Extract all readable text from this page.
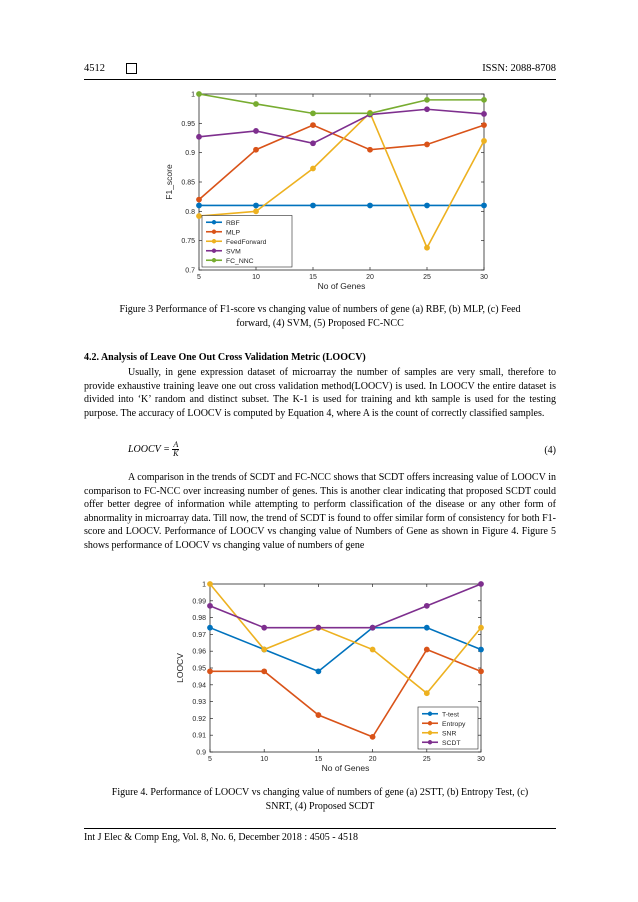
4512	ISSN: 2088-8708
0.7
0.75
0.8
0.85
0.9
0.95
1
5	10	15	20	25	30
No of Genes
F1_score
RBF
MLP
FeedForward
SVM
FC_NNC
Figure 3 Performance of F1-score vs changing value of numbers of gene (a) RBF, (b) MLP, (c) Feed
forward, (4) SVM, (5) Proposed FC-NCC
4.2. Analysis of Leave One Out Cross Validation Metric (LOOCV)

Usually, in gene expression dataset of microarray the number of samples are very small, therefore to provide exhaustive training leave one out cross validation method(LOOCV) is used. In LOOCV the entire dataset is divided into ‘K’ random and distinct subset. The K-1 is used for training and kth sample is used for the testing purpose. The accuracy of LOOCV is computed by Equation 4, where A is the count of correctly classified samples.

LOOCV = $\frac{A}{K}$	(4)

A comparison in the trends of SCDT and FC-NCC shows that SCDT offers increasing value of LOOCV in comparison to FC-NCC over increasing number of genes. This is another clear indicating that proposed SCDT could offer better degree of information while attempting to perform classification of the disease or any other form of abnormality in microarray data. Till now, the trend of SCDT is found to offer similar form of consistency for both F1-score and LOOCV. Performance of LOOCV vs changing value of Numbers of Gene as shown in Figure 4. Figure 5 shows performance of LOOCV vs changing value of numbers of gene

0.9
0.91
0.92
0.93
0.94
0.95
0.96
0.97
0.98
0.99
1
5	10	15	20	25	30
No of Genes
LOOCV
T-test
Entropy
SNR
SCDT
Figure 4. Performance of LOOCV vs changing value of numbers of gene (a) 2STT, (b) Entropy Test, (c)
SNRT, (4) Proposed SCDT
Int J Elec & Comp Eng, Vol. 8, No. 6, December 2018 : 4505 - 4518
